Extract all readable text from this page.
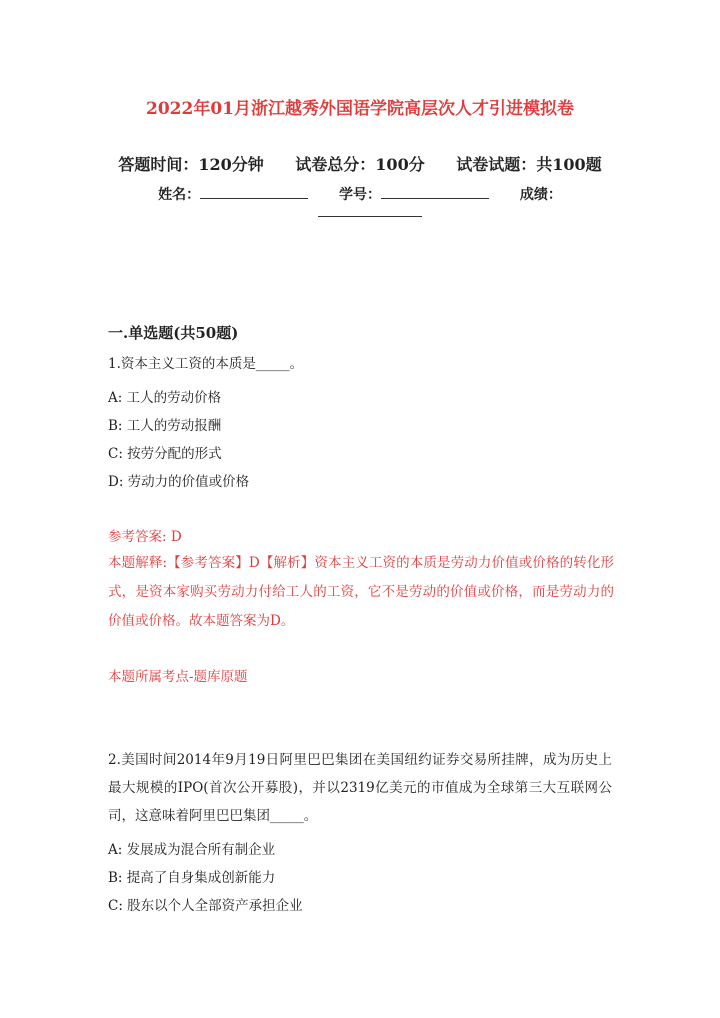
2022年01月浙江越秀外国语学院高层次人才引进模拟卷
答题时间：120分钟 试卷总分：100分 试卷试题：共100题
姓名：	学号：	成绩：
一.单选题(共50题)
1.资本主义工资的本质是_____。
A: 工人的劳动价格
B: 工人的劳动报酬
C: 按劳分配的形式
D: 劳动力的价值或价格
参考答案: D
本题解释:【参考答案】D【解析】资本主义工资的本质是劳动力价值或价格的转化形式，是资本家购买劳动力付给工人的工资，它不是劳动的价值或价格，而是劳动力的价值或价格。故本题答案为D。
本题所属考点-题库原题
2.美国时间2014年9月19日阿里巴巴集团在美国纽约证券交易所挂牌，成为历史上最大规模的IPO(首次公开募股)，并以2319亿美元的市值成为全球第三大互联网公司，这意味着阿里巴巴集团_____。
A: 发展成为混合所有制企业
B: 提高了自身集成创新能力
C: 股东以个人全部资产承担企业
